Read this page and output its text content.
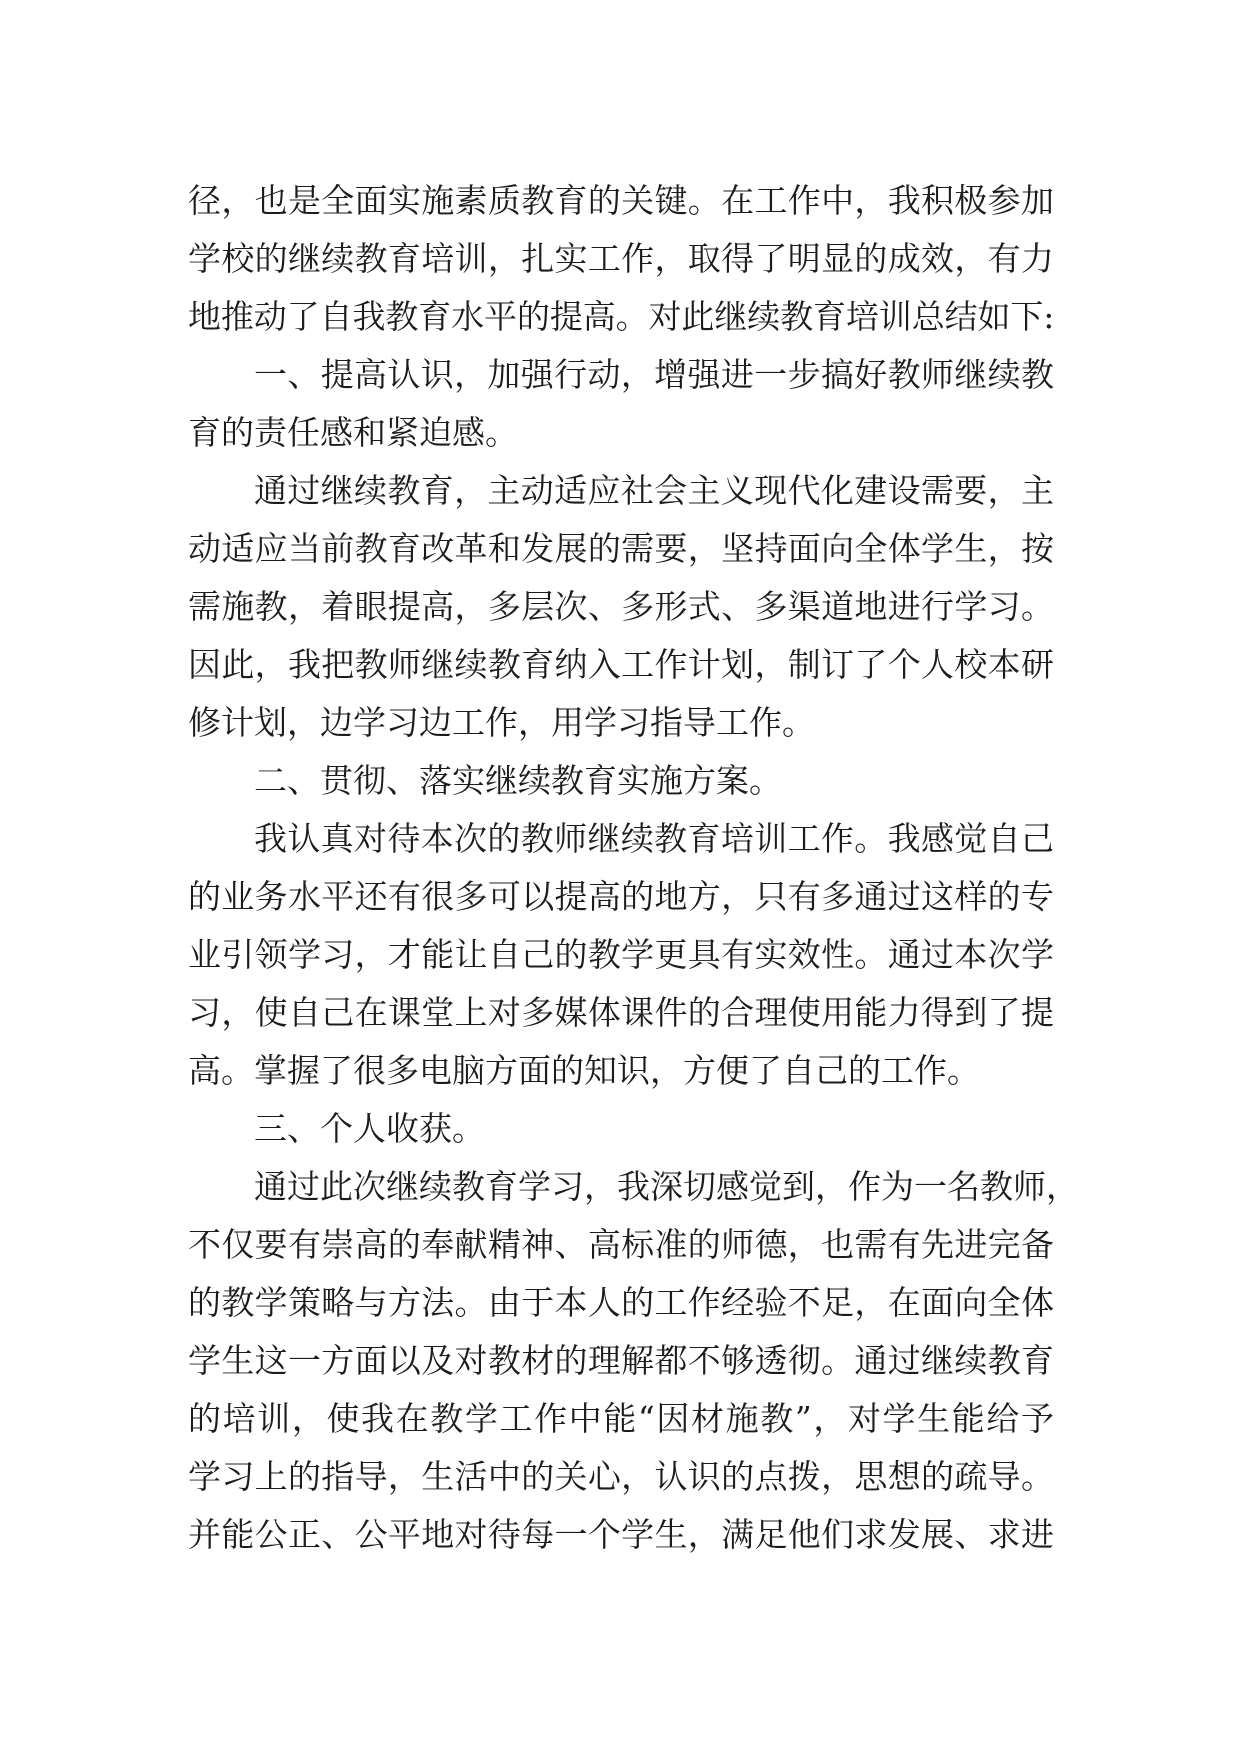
径，也是全面实施素质教育的关键。在工作中，我积极参加
学校的继续教育培训，扎实工作，取得了明显的成效，有力
地推动了自我教育水平的提高。对此继续教育培训总结如下:
一、提高认识，加强行动，增强进一步搞好教师继续教
育的责任感和紧迫感。
通过继续教育，主动适应社会主义现代化建设需要，主
动适应当前教育改革和发展的需要，坚持面向全体学生，按
需施教，着眼提高，多层次、多形式、多渠道地进行学习。
因此，我把教师继续教育纳入工作计划，制订了个人校本研
修计划，边学习边工作，用学习指导工作。
二、贯彻、落实继续教育实施方案。
我认真对待本次的教师继续教育培训工作。我感觉自己
的业务水平还有很多可以提高的地方，只有多通过这样的专
业引领学习，才能让自己的教学更具有实效性。通过本次学
习，使自己在课堂上对多媒体课件的合理使用能力得到了提
高。掌握了很多电脑方面的知识，方便了自己的工作。
三、个人收获。
通过此次继续教育学习，我深切感觉到，作为一名教师，
不仅要有崇高的奉献精神、高标准的师德，也需有先进完备
的教学策略与方法。由于本人的工作经验不足，在面向全体
学生这一方面以及对教材的理解都不够透彻。通过继续教育
的培训，使我在教学工作中能“因材施教”，对学生能给予
学习上的指导，生活中的关心，认识的点拨，思想的疏导。
并能公正、公平地对待每一个学生，满足他们求发展、求进
